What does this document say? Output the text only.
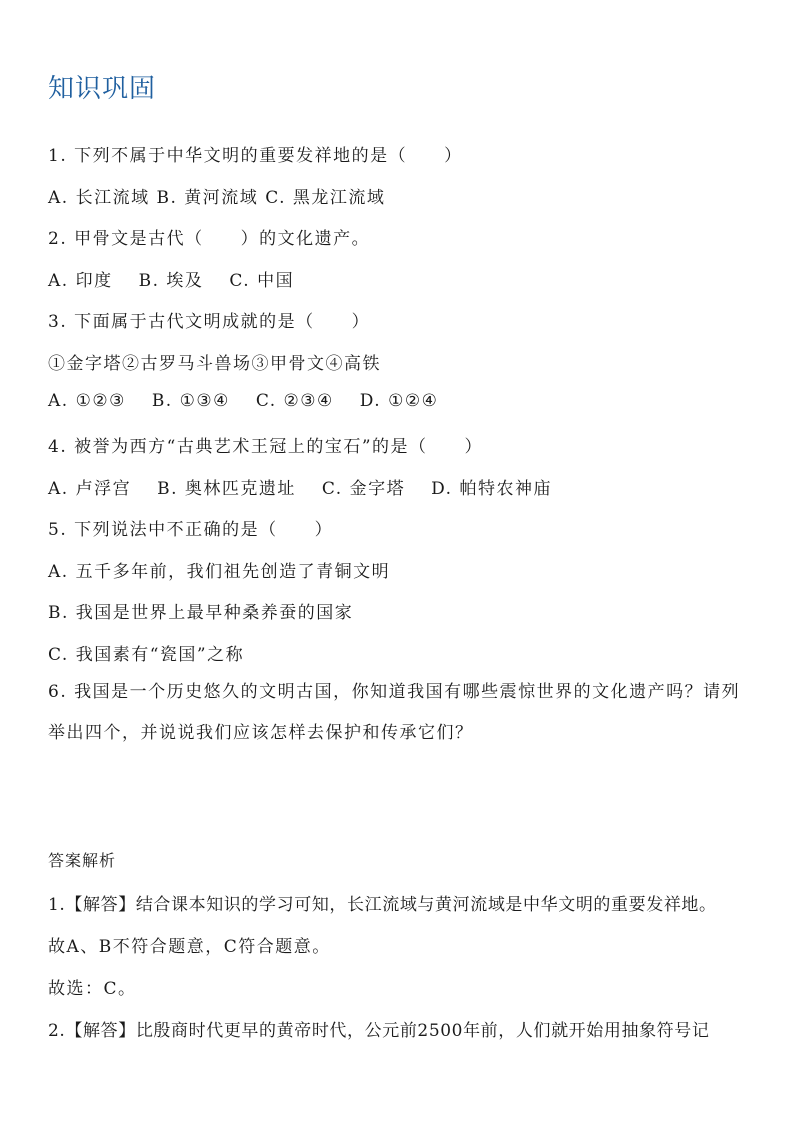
知识巩固
1. 下列不属于中华文明的重要发祥地的是（　　）
A. 长江流域 B. 黄河流域 C. 黑龙江流域
2. 甲骨文是古代（　　）的文化遗产。
A. 印度 B. 埃及 C. 中国
3. 下面属于古代文明成就的是（　　）
①金字塔②古罗马斗兽场③甲骨文④高铁
A. ①②③ B. ①③④ C. ②③④ D. ①②④
4. 被誉为西方“古典艺术王冠上的宝石”的是（　　）
A. 卢浮宫 B. 奥林匹克遗址 C. 金字塔 D. 帕特农神庙
5. 下列说法中不正确的是（　　）
A. 五千多年前，我们祖先创造了青铜文明
B. 我国是世界上最早种桑养蚕的国家
C. 我国素有“瓷国”之称
6. 我国是一个历史悠久的文明古国，你知道我国有哪些震惊世界的文化遗产吗？请列举出四个，并说说我们应该怎样去保护和传承它们？
答案解析
1.【解答】结合课本知识的学习可知，长江流域与黄河流域是中华文明的重要发祥地。
故A、B不符合题意，C符合题意。
故选：C。
2.【解答】比殷商时代更早的黄帝时代，公元前2500年前，人们就开始用抽象符号记
